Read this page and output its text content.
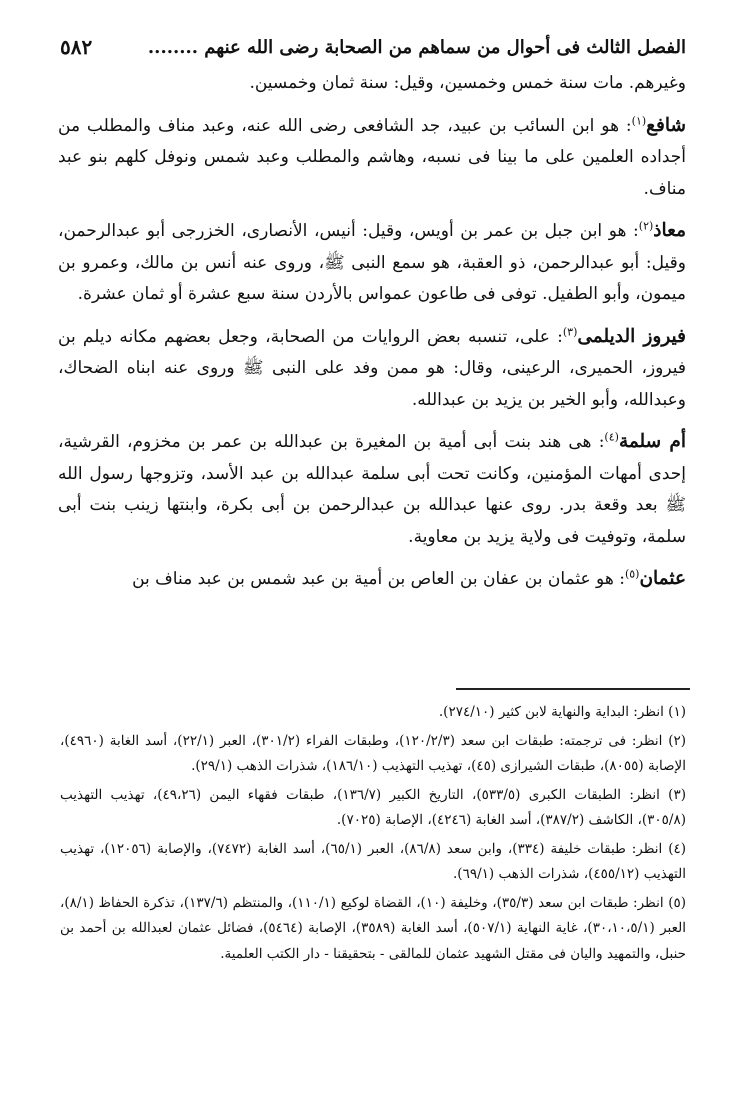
٥٨٢	الفصل الثالث فى أحوال من سماهم من الصحابة رضى الله عنهم ........

وغيرهم. مات سنة خمس وخمسين، وقيل: سنة ثمان وخمسين.

شافع$^{(١)}$: هو ابن السائب بن عبيد، جد الشافعى رضى الله عنه، وعبد مناف والمطلب من أجداده العلمين على ما بينا فى نسبه، وهاشم والمطلب وعبد شمس ونوفل كلهم بنو عبد مناف.

معاذ$^{(٢)}$: هو ابن جبل بن عمر بن أويس، وقيل: أنيس، الأنصارى، الخزرجى أبو عبدالرحمن، وقيل: أبو عبدالرحمن، ذو العقبة، هو سمع النبى ﷺ، وروى عنه أنس بن مالك، وعمرو بن ميمون، وأبو الطفيل. توفى فى طاعون عمواس بالأردن سنة سبع عشرة أو ثمان عشرة.

فيروز الديلمى$^{(٣)}$: على، تنسبه بعض الروايات من الصحابة، وجعل بعضهم مكانه ديلم بن فيروز، الحميرى، الرعينى، وقال: هو ممن وفد على النبى ﷺ وروى عنه ابناه الضحاك، وعبدالله، وأبو الخير بن يزيد بن عبدالله.

أم سلمة$^{(٤)}$: هى هند بنت أبى أمية بن المغيرة بن عبدالله بن عمر بن مخزوم، القرشية، إحدى أمهات المؤمنين، وكانت تحت أبى سلمة عبدالله بن عبد الأسد، وتزوجها رسول الله ﷺ بعد وقعة بدر. روى عنها عبدالله بن عبدالرحمن بن أبى بكرة، وابنتها زينب بنت أبى سلمة، وتوفيت فى ولاية يزيد بن معاوية.

عثمان$^{(٥)}$: هو عثمان بن عفان بن العاص بن أمية بن عبد شمس بن عبد مناف بن

(١) انظر: البداية والنهاية لابن كثير (٢٧٤/١٠).

(٢) انظر: فى ترجمته: طبقات ابن سعد (١٢٠/٢/٣)، وطبقات الفراء (٣٠١/٢)، العبر (٢٢/١)، أسد الغابة (٤٩٦٠)، الإصابة (٨٠٥٥)، طبقات الشيرازى (٤٥)، تهذيب التهذيب (١٨٦/١٠)، شذرات الذهب (٢٩/١).

(٣) انظر: الطبقات الكبرى (٥٣٣/٥)، التاريخ الكبير (١٣٦/٧)، طبقات فقهاء اليمن (٤٩،٢٦)، تهذيب التهذيب (٣٠٥/٨)، الكاشف (٣٨٧/٢)، أسد الغابة (٤٢٤٦)، الإصابة (٧٠٢٥).

(٤) انظر: طبقات خليفة (٣٣٤)، وابن سعد (٨٦/٨)، العبر (٦٥/١)، أسد الغابة (٧٤٧٢)، والإصابة (١٢٠٥٦)، تهذيب التهذيب (٤٥٥/١٢)، شذرات الذهب (٦٩/١).

(٥) انظر: طبقات ابن سعد (٣٥/٣)، وخليفة (١٠)، القضاة لوكيع (١١٠/١)، والمنتظم (١٣٧/٦)، تذكرة الحفاظ (٨/١)، العبر (٣٠،١٠،٥/١)، غاية النهاية (٥٠٧/١)، أسد الغابة (٣٥٨٩)، الإصابة (٥٤٦٤)، فضائل عثمان لعبدالله بن أحمد بن حنبل، والتمهيد واليان فى مقتل الشهيد عثمان للمالقى - بتحقيقنا - دار الكتب العلمية.
